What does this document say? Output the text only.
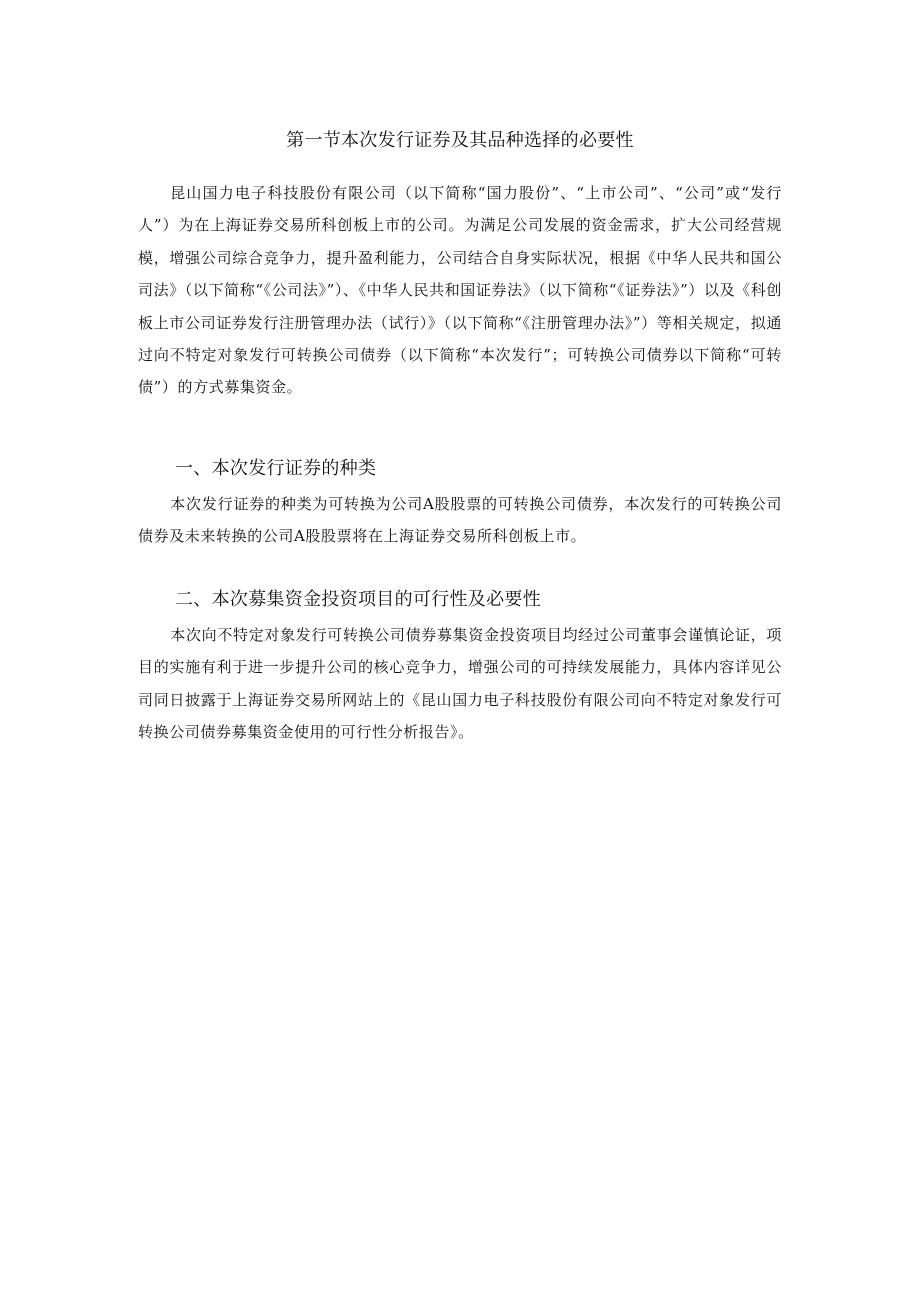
第一节本次发行证券及其品种选择的必要性

昆山国力电子科技股份有限公司（以下简称“国力股份”、“上市公司”、“公司”或“发行人”）为在上海证券交易所科创板上市的公司。为满足公司发展的资金需求，扩大公司经营规模，增强公司综合竞争力，提升盈利能力，公司结合自身实际状况，根据《中华人民共和国公司法》（以下简称“《公司法》”）、《中华人民共和国证券法》（以下简称“《证券法》”）以及《科创板上市公司证券发行注册管理办法（试行）》（以下简称“《注册管理办法》”）等相关规定，拟通过向不特定对象发行可转换公司债券（以下简称“本次发行”；可转换公司债券以下简称“可转债”）的方式募集资金。

一、本次发行证券的种类

本次发行证券的种类为可转换为公司A股股票的可转换公司债券，本次发行的可转换公司债券及未来转换的公司A股股票将在上海证券交易所科创板上市。

二、本次募集资金投资项目的可行性及必要性

本次向不特定对象发行可转换公司债券募集资金投资项目均经过公司董事会谨慎论证，项目的实施有利于进一步提升公司的核心竞争力，增强公司的可持续发展能力，具体内容详见公司同日披露于上海证券交易所网站上的《昆山国力电子科技股份有限公司向不特定对象发行可转换公司债券募集资金使用的可行性分析报告》。
